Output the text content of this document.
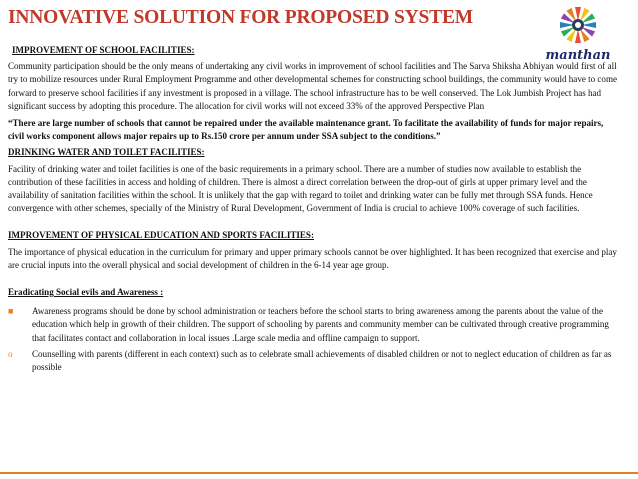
INNOVATIVE SOLUTION FOR PROPOSED SYSTEM
manthan

IMPROVEMENT OF SCHOOL FACILITIES:

Community participation should be the only means of undertaking any civil works in improvement of school facilities and The Sarva Shiksha Abhiyan would first of all try to mobilize resources under Rural Employment Programme and other developmental schemes for constructing school buildings, the community would have to come forward to preserve school facilities if any investment is proposed in a village. The school infrastructure has to be well conserved. The Lok Jumbish Project has had significant success by adopting this procedure. The allocation for civil works will not exceed 33% of the approved Perspective Plan

“There are large number of schools that cannot be repaired under the available maintenance grant. To facilitate the availability of funds for major repairs, civil works component allows major repairs up to Rs.150 crore per annum under SSA subject to the conditions.”

DRINKING WATER AND TOILET FACILITIES:

Facility of drinking water and toilet facilities is one of the basic requirements in a primary school. There are a number of studies now available to establish the contribution of these facilities in access and holding of children. There is almost a direct correlation between the drop-out of girls at upper primary level and the availability of sanitation facilities within the school. It is unlikely that the gap with regard to toilet and drinking water can be fully met through SSA funds. Hence convergence with other schemes, specially of the Ministry of Rural Development, Government of India is crucial to achieve 100% coverage of such facilities.

IMPROVEMENT OF PHYSICAL EDUCATION AND SPORTS FACILITIES:

The importance of physical education in the curriculum for primary and upper primary schools cannot be over highlighted. It has been recognized that exercise and play are crucial inputs into the overall physical and social development of children in the 6-14 year age group.

Eradicating Social evils and Awareness :

■	Awareness programs should be done by school administration or teachers before the school starts to bring awareness among the parents about the value of the education which help in growth of their children. The support of schooling by parents and community member can be cultivated through creative programming that facilitates contact and collaboration in local issues .Large scale media and offline campaign to support.
o	Counselling with parents (different in each context) such as to celebrate small achievements of disabled children or not to neglect education of children as far as possible
